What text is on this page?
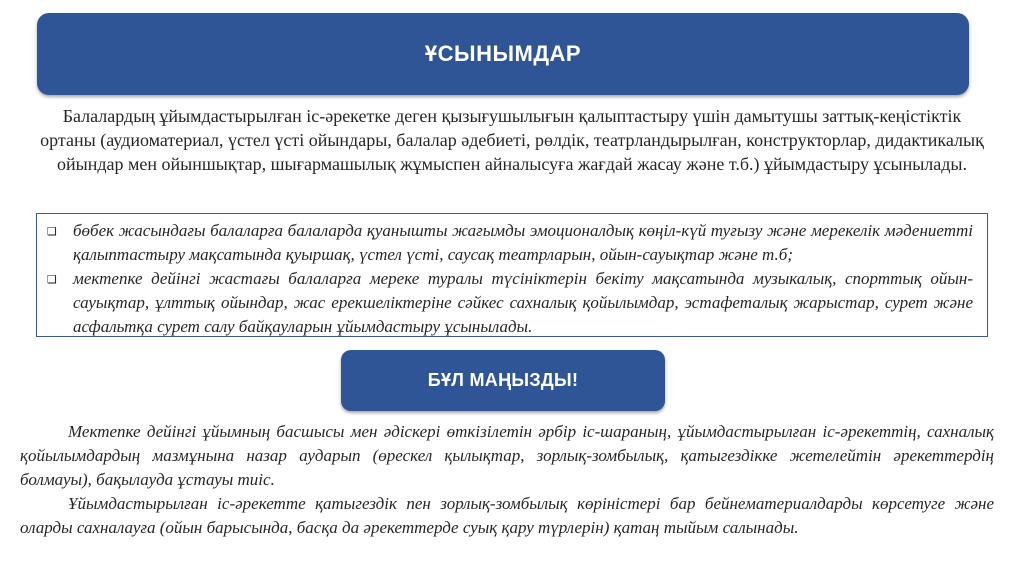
ҰСЫНЫМДАР

Балалардың ұйымдастырылған іс-әрекетке деген қызығушылығын қалыптастыру үшін дамытушы заттық-кеңістіктік ортаны (аудиоматериал, үстел үсті ойындары, балалар әдебиеті, рөлдік, театрландырылған, конструкторлар, дидактикалық ойындар мен ойыншықтар, шығармашылық жұмыспен айналысуға жағдай жасау және т.б.) ұйымдастыру ұсынылады.

❑ бөбек жасындағы балаларға балаларда қуанышты жағымды эмоционалдық көңіл-күй туғызу және мерекелік мәдениетті қалыптастыру мақсатында қуыршақ, үстел үсті, саусақ театрларын, ойын-сауықтар және т.б;
❑ мектепке дейінгі жастағы балаларға мереке туралы түсініктерін бекіту мақсатында музыкалық, спорттық ойын-сауықтар, ұлттық ойындар, жас ерекшеліктеріне сәйкес сахналық қойылымдар, эстафеталық жарыстар, сурет және асфальтқа сурет салу байқауларын ұйымдастыру ұсынылады.
БҰЛ МАҢЫЗДЫ!

Мектепке дейінгі ұйымның басшысы мен әдіскері өткізілетін әрбір іс-шараның, ұйымдастырылған іс-әрекеттің, сахналық қойылымдардың мазмұнына назар аударып (өрескел қылықтар, зорлық-зомбылық, қатыгездікке жетелейтін әрекеттердің болмауы), бақылауда ұстауы тиіс.

Ұйымдастырылған іс-әрекетте қатыгездік пен зорлық-зомбылық көріністері бар бейнематериалдарды көрсетуге және оларды сахналауға (ойын барысында, басқа да әрекеттерде суық қару түрлерін) қатаң тыйым салынады.
